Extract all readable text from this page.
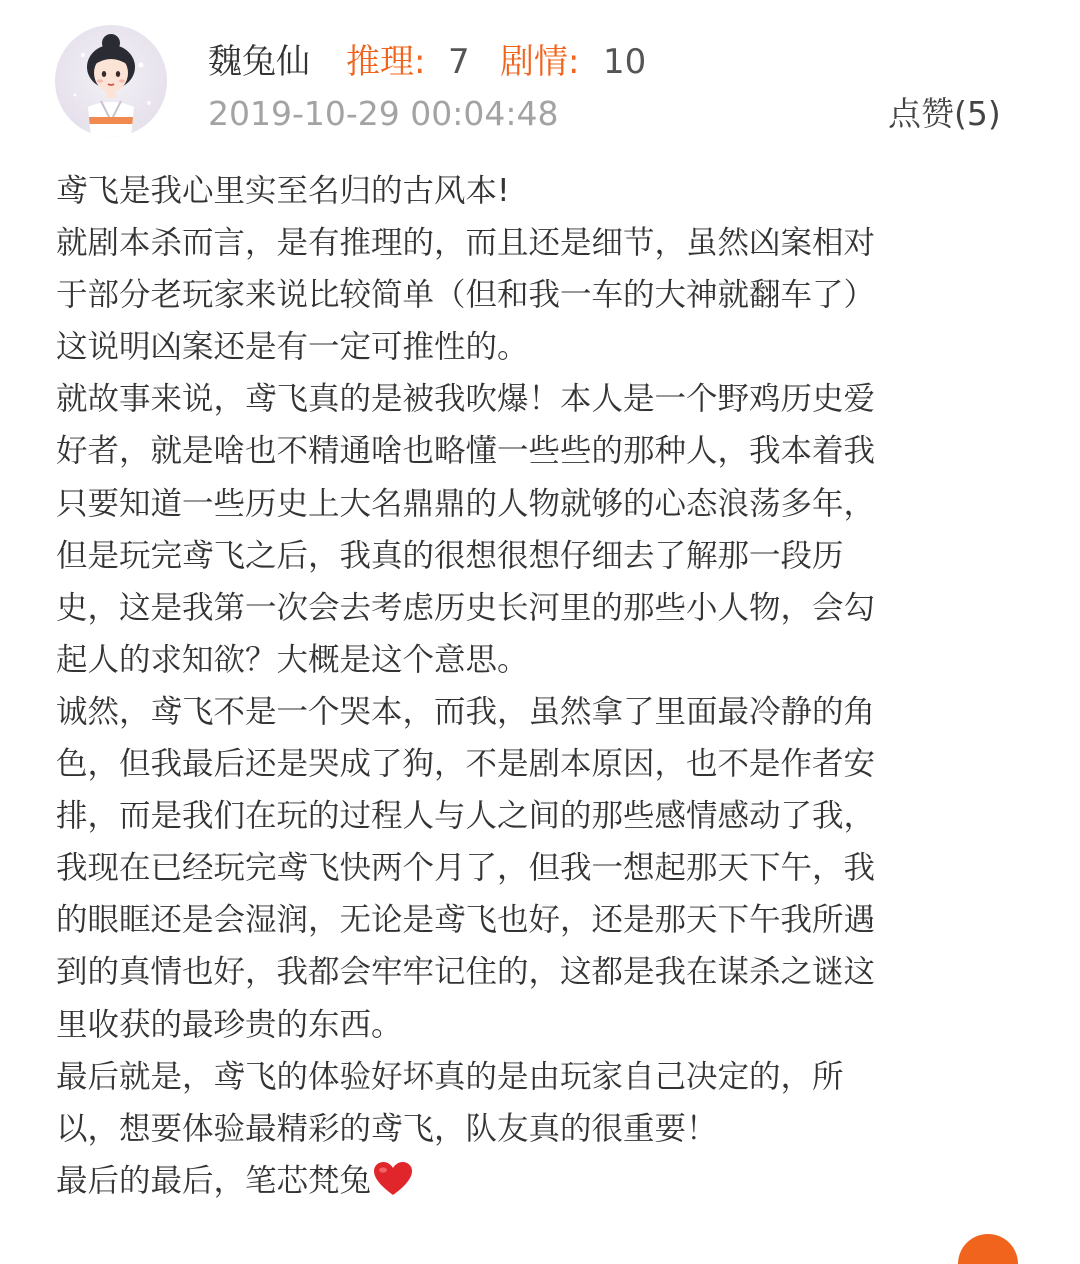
魏兔仙 推理: 7 剧情: 10
2019-10-29 00:04:48	点赞(5)
鸢飞是我心里实至名归的古风本!
就剧本杀而言，是有推理的，而且还是细节，虽然凶案相对
于部分老玩家来说比较简单（但和我一车的大神就翻车了）
这说明凶案还是有一定可推性的。
就故事来说，鸢飞真的是被我吹爆！本人是一个野鸡历史爱
好者，就是啥也不精通啥也略懂一些些的那种人，我本着我
只要知道一些历史上大名鼎鼎的人物就够的心态浪荡多年，
但是玩完鸢飞之后，我真的很想很想仔细去了解那一段历
史，这是我第一次会去考虑历史长河里的那些小人物，会勾
起人的求知欲？大概是这个意思。
诚然，鸢飞不是一个哭本，而我，虽然拿了里面最冷静的角
色，但我最后还是哭成了狗，不是剧本原因，也不是作者安
排，而是我们在玩的过程人与人之间的那些感情感动了我，
我现在已经玩完鸢飞快两个月了，但我一想起那天下午，我
的眼眶还是会湿润，无论是鸢飞也好，还是那天下午我所遇
到的真情也好，我都会牢牢记住的，这都是我在谋杀之谜这
里收获的最珍贵的东西。
最后就是，鸢飞的体验好坏真的是由玩家自己决定的，所
以，想要体验最精彩的鸢飞，队友真的很重要！
最后的最后，笔芯梵兔
